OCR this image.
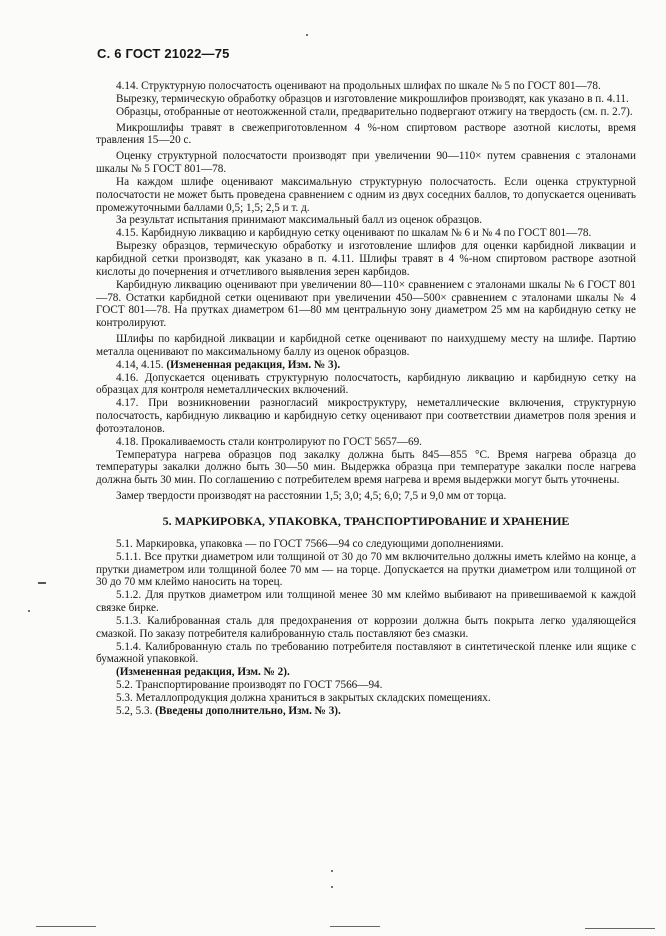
С. 6 ГОСТ 21022—75

4.14. Структурную полосчатость оценивают на продольных шлифах по шкале № 5 по ГОСТ 801—78.

Вырезку, термическую обработку образцов и изготовление микрошлифов производят, как указано в п. 4.11.

Образцы, отобранные от неотожженной стали, предварительно подвергают отжигу на твердость (см. п. 2.7).

Микрошлифы травят в свежеприготовленном 4 %-ном спиртовом растворе азотной кислоты, время травления 15—20 с.

Оценку структурной полосчатости производят при увеличении 90—110× путем сравнения с эталонами шкалы № 5 ГОСТ 801—78.

На каждом шлифе оценивают максимальную структурную полосчатость. Если оценка структурной полосчатости не может быть проведена сравнением с одним из двух соседних баллов, то допускается оценивать промежуточными баллами 0,5; 1,5; 2,5 и т. д.

За результат испытания принимают максимальный балл из оценок образцов.

4.15. Карбидную ликвацию и карбидную сетку оценивают по шкалам № 6 и № 4 по ГОСТ 801—78.

Вырезку образцов, термическую обработку и изготовление шлифов для оценки карбидной ликвации и карбидной сетки производят, как указано в п. 4.11. Шлифы травят в 4 %-ном спиртовом растворе азотной кислоты до почернения и отчетливого выявления зерен карбидов.

Карбидную ликвацию оценивают при увеличении 80—110× сравнением с эталонами шкалы № 6 ГОСТ 801—78. Остатки карбидной сетки оценивают при увеличении 450—500× сравнением с эталонами шкалы № 4 ГОСТ 801—78. На прутках диаметром 61—80 мм центральную зону диаметром 25 мм на карбидную сетку не контролируют.

Шлифы по карбидной ликвации и карбидной сетке оценивают по наихудшему месту на шлифе. Партию металла оценивают по максимальному баллу из оценок образцов.

4.14, 4.15. (Измененная редакция, Изм. № 3).

4.16. Допускается оценивать структурную полосчатость, карбидную ликвацию и карбидную сетку на образцах для контроля неметаллических включений.

4.17. При возникновении разногласий микроструктуру, неметаллические включения, структурную полосчатость, карбидную ликвацию и карбидную сетку оценивают при соответствии диаметров поля зрения и фотоэталонов.

4.18. Прокаливаемость стали контролируют по ГОСТ 5657—69.

Температура нагрева образцов под закалку должна быть 845—855 °С. Время нагрева образца до температуры закалки должно быть 30—50 мин. Выдержка образца при температуре закалки после нагрева должна быть 30 мин. По соглашению с потребителем время нагрева и время выдержки могут быть уточнены.

Замер твердости производят на расстоянии 1,5; 3,0; 4,5; 6,0; 7,5 и 9,0 мм от торца.

5. МАРКИРОВКА, УПАКОВКА, ТРАНСПОРТИРОВАНИЕ И ХРАНЕНИЕ

5.1. Маркировка, упаковка — по ГОСТ 7566—94 со следующими дополнениями.

5.1.1. Все прутки диаметром или толщиной от 30 до 70 мм включительно должны иметь клеймо на конце, а прутки диаметром или толщиной более 70 мм — на торце. Допускается на прутки диаметром или толщиной от 30 до 70 мм клеймо наносить на торец.

5.1.2. Для прутков диаметром или толщиной менее 30 мм клеймо выбивают на привешиваемой к каждой связке бирке.

5.1.3. Калиброванная сталь для предохранения от коррозии должна быть покрыта легко удаляющейся смазкой. По заказу потребителя калиброванную сталь поставляют без смазки.

5.1.4. Калиброванную сталь по требованию потребителя поставляют в синтетической пленке или ящике с бумажной упаковкой.

(Измененная редакция, Изм. № 2).

5.2. Транспортирование производят по ГОСТ 7566—94.

5.3. Металлопродукция должна храниться в закрытых складских помещениях.

5.2, 5.3. (Введены дополнительно, Изм. № 3).
